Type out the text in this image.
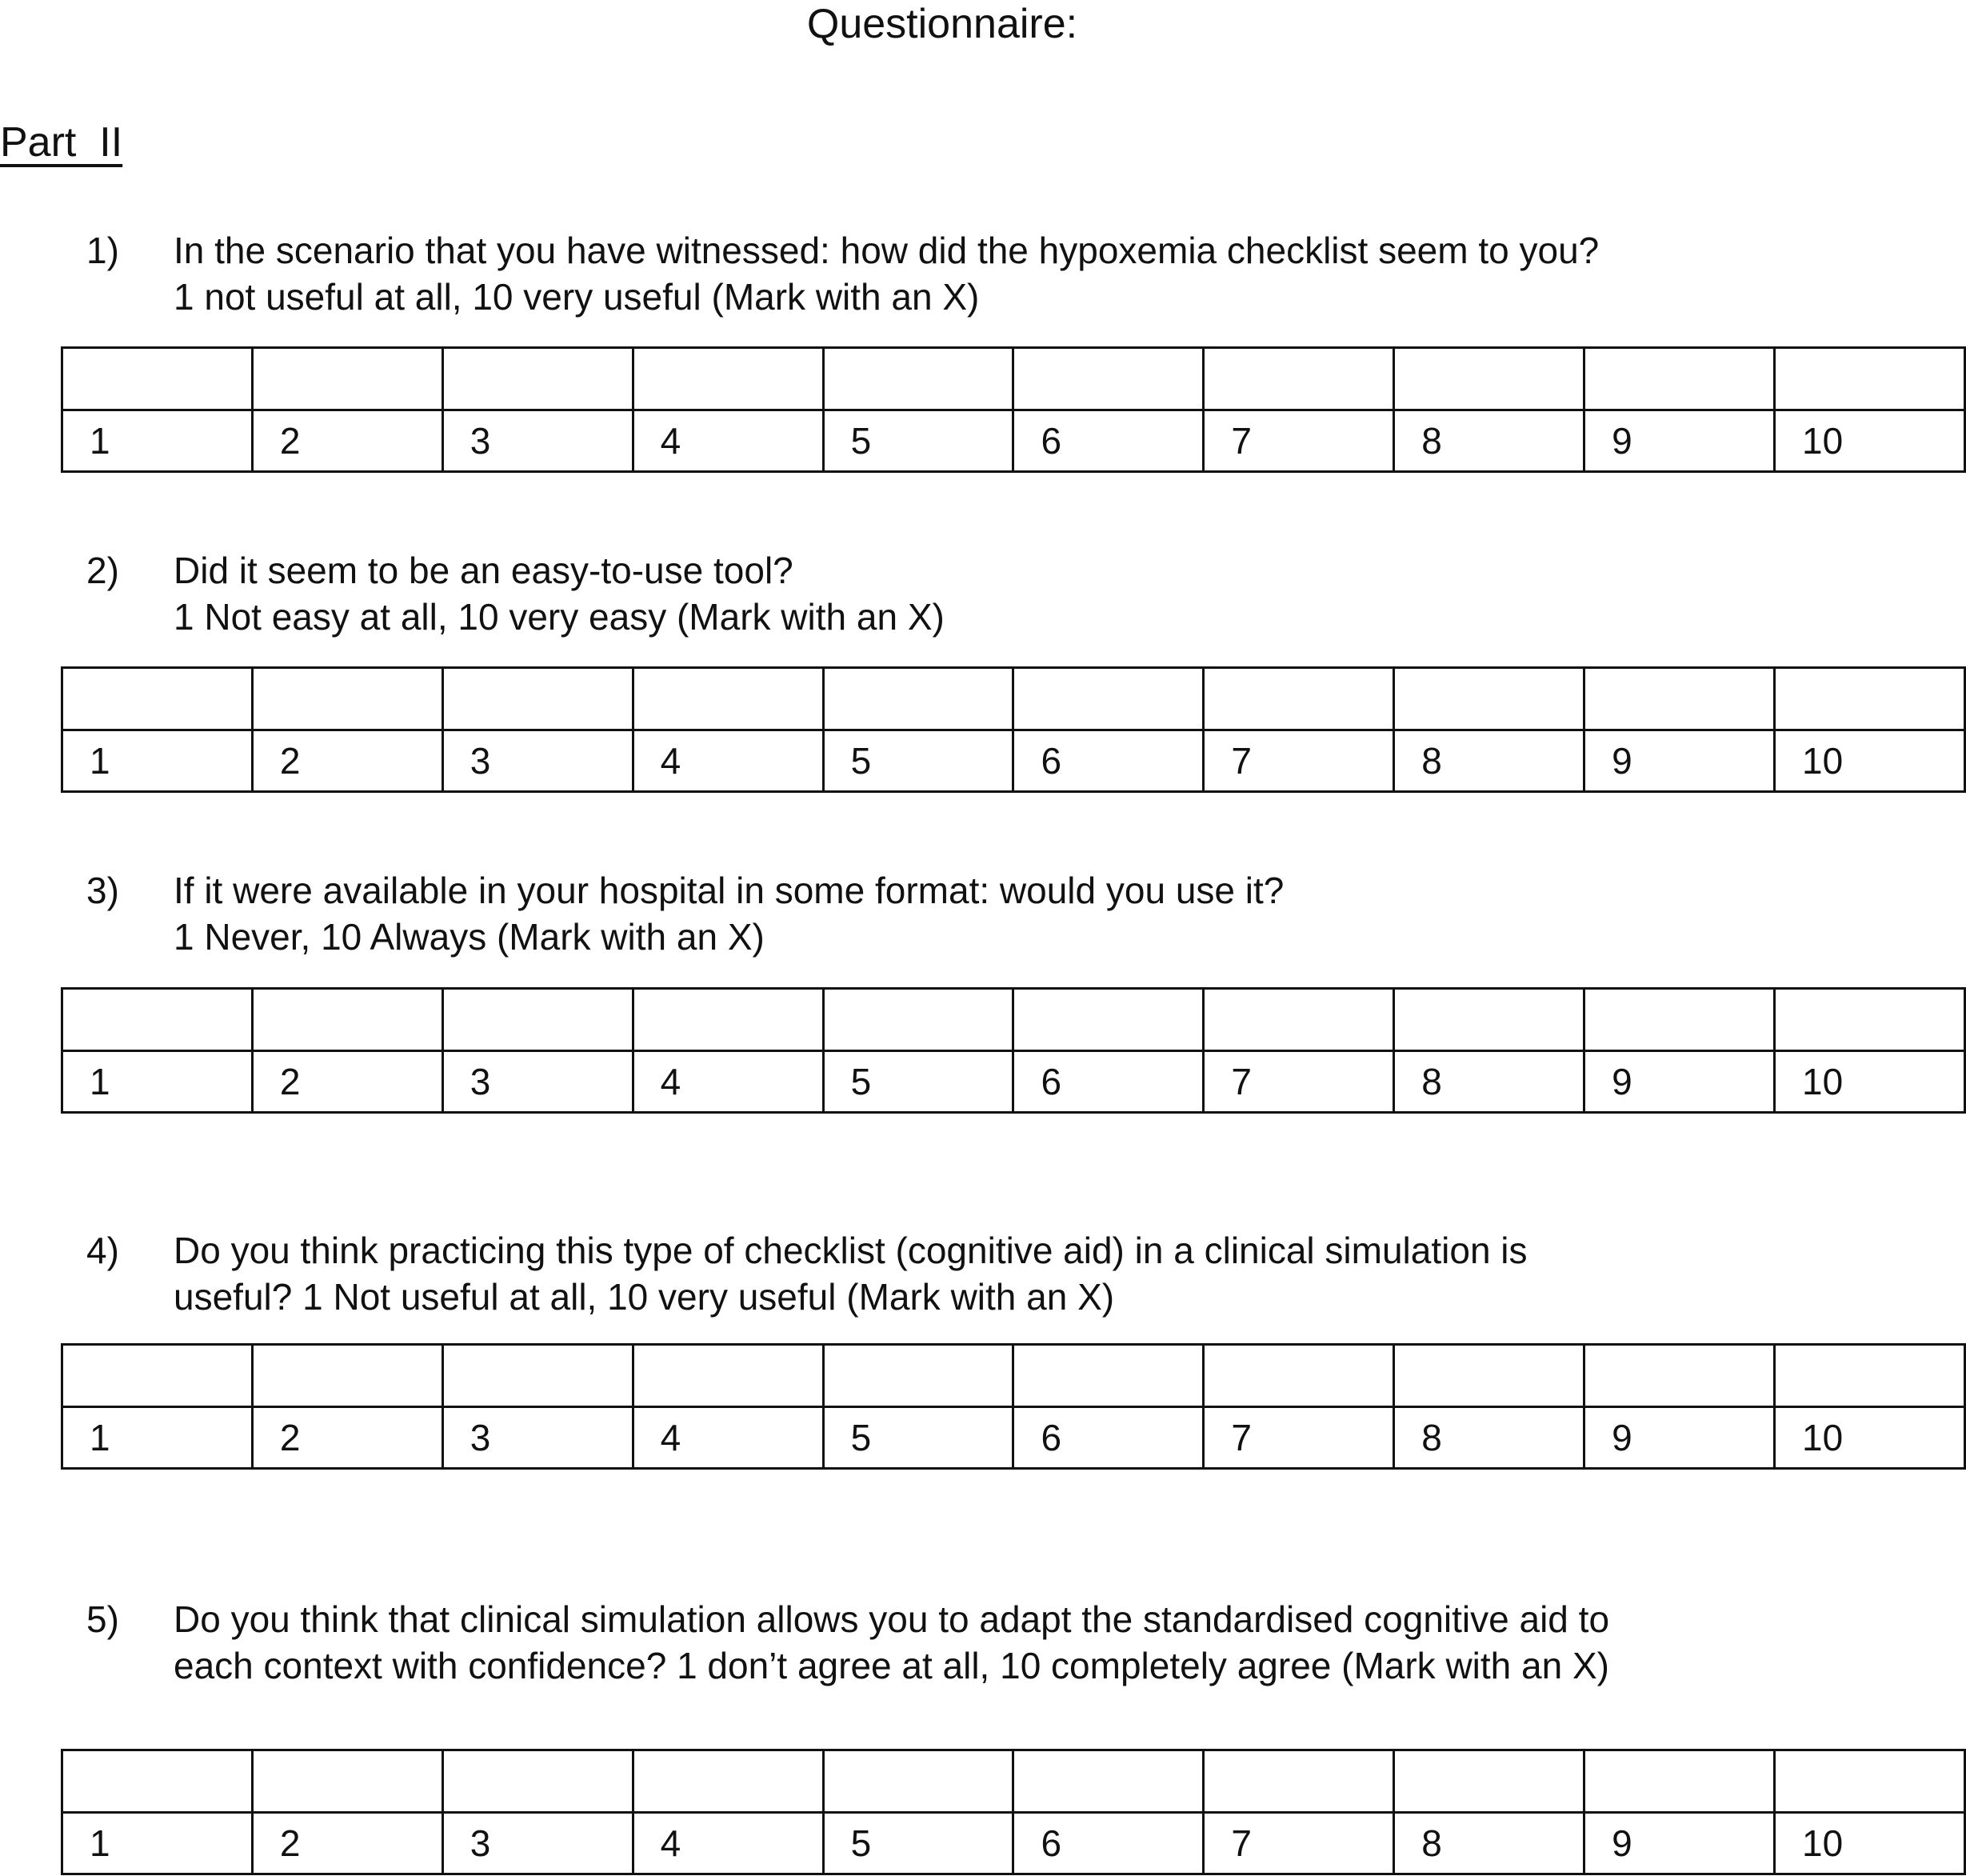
Questionnaire:
Part  II
1) In the scenario that you have witnessed: how did the hypoxemia checklist seem to you?
1 not useful at all, 10 very useful (Mark with an X)

1	2	3	4	5	6	7	8	9	10
2) Did it seem to be an easy-to-use tool?
1 Not easy at all, 10 very easy (Mark with an X)

1	2	3	4	5	6	7	8	9	10
3) If it were available in your hospital in some format: would you use it?
1 Never, 10 Always (Mark with an X)

1	2	3	4	5	6	7	8	9	10
4) Do you think practicing this type of checklist (cognitive aid) in a clinical simulation is
useful? 1 Not useful at all, 10 very useful (Mark with an X)

1	2	3	4	5	6	7	8	9	10
5) Do you think that clinical simulation allows you to adapt the standardised cognitive aid to
each context with confidence? 1 don’t agree at all, 10 completely agree (Mark with an X)

1	2	3	4	5	6	7	8	9	10
